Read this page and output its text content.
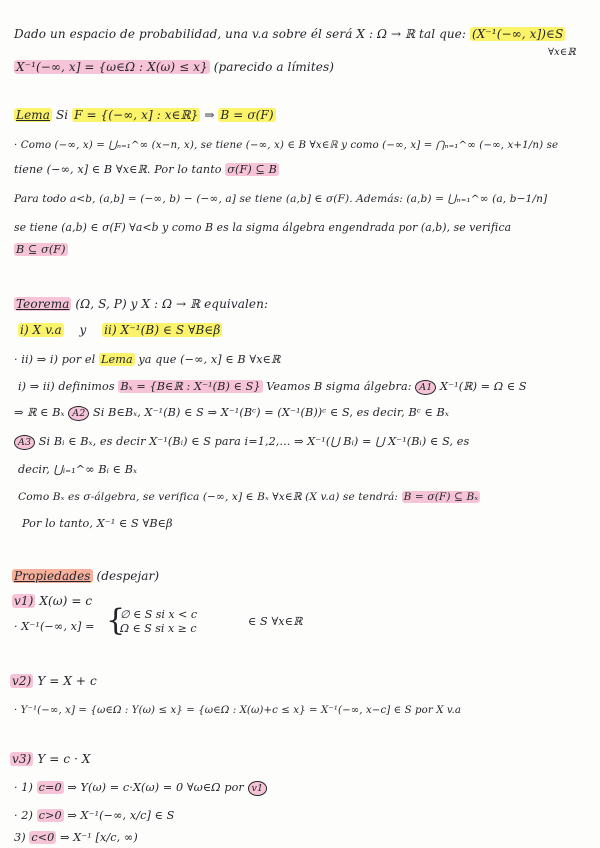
Dado un espacio de probabilidad, una v.a sobre él será X : Ω → ℝ tal que: (X⁻¹(−∞, x])∈S
∀x∈ℝ
X⁻¹(−∞, x] = {ω∈Ω : X(ω) ≤ x} (parecido a límites)
Lema Si F = {(−∞, x] : x∈ℝ} ⇒ B = σ(F)
· Como (−∞, x) = ⋃ₙ₌₁^∞ (x−n, x), se tiene (−∞, x) ∈ B ∀x∈ℝ y como (−∞, x] = ⋂ₙ₌₁^∞ (−∞, x+1/n) se
tiene (−∞, x] ∈ B ∀x∈ℝ. Por lo tanto σ(F) ⊆ B
Para todo a<b, (a,b] = (−∞, b) − (−∞, a] se tiene (a,b] ∈ σ(F). Además: (a,b) = ⋃ₙ₌₁^∞ (a, b−1/n]
se tiene (a,b) ∈ σ(F) ∀a<b y como B es la sigma álgebra engendrada por (a,b), se verifica
B ⊆ σ(F)
Teorema (Ω, S, P) y X : Ω → ℝ equivalen:
i) X v.a y ii) X⁻¹(B) ∈ S ∀B∈β
· ii) ⇒ i) por el Lema ya que (−∞, x] ∈ B ∀x∈ℝ
i) ⇒ ii) definimos Bₓ = {B∈ℝ : X⁻¹(B) ∈ S} Veamos B sigma álgebra: A1 X⁻¹(ℝ) = Ω ∈ S
⇒ ℝ ∈ Bₓ A2 Si B∈Bₓ, X⁻¹(B) ∈ S ⇒ X⁻¹(Bᶜ) = (X⁻¹(B))ᶜ ∈ S, es decir, Bᶜ ∈ Bₓ
A3 Si Bᵢ ∈ Bₓ, es decir X⁻¹(Bᵢ) ∈ S para i=1,2,... ⇒ X⁻¹(⋃ Bᵢ) = ⋃ X⁻¹(Bᵢ) ∈ S, es
decir, ⋃ᵢ₌₁^∞ Bᵢ ∈ Bₓ
Como Bₓ es σ-álgebra, se verifica (−∞, x] ∈ Bₓ ∀x∈ℝ (X v.a) se tendrá: B = σ(F) ⊆ Bₓ
Por lo tanto, X⁻¹ ∈ S ∀B∈β
Propiedades (despejar)
v1) X(ω) = c
· X⁻¹(−∞, x] = {
∅ ∈ S si x < c
Ω ∈ S si x ≥ c
∈ S ∀x∈ℝ
v2) Y = X + c
· Y⁻¹(−∞, x] = {ω∈Ω : Y(ω) ≤ x} = {ω∈Ω : X(ω)+c ≤ x} = X⁻¹(−∞, x−c] ∈ S por X v.a
v3) Y = c · X
· 1) c=0 ⇒ Y(ω) = c·X(ω) = 0 ∀ω∈Ω por v1
· 2) c>0 ⇒ X⁻¹(−∞, x/c] ∈ S
3) c<0 ⇒ X⁻¹ [x/c, ∞)
